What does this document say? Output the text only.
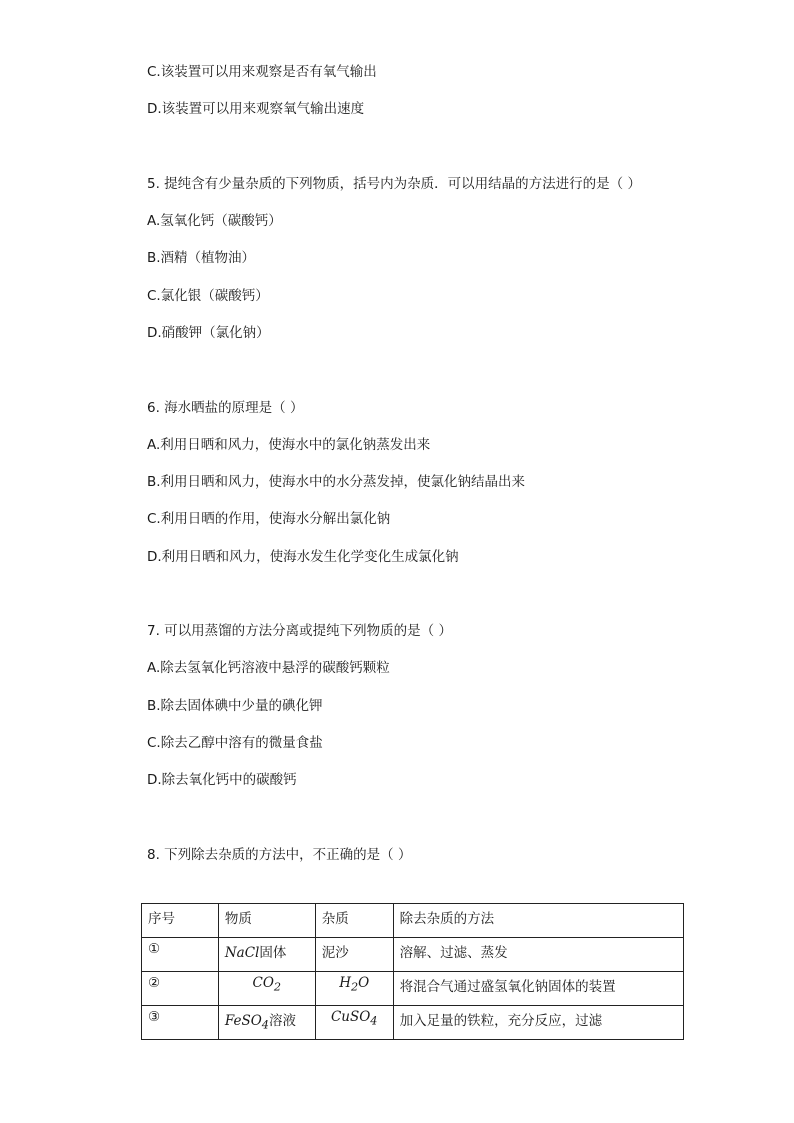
C.该装置可以用来观察是否有氧气输出
D.该装置可以用来观察氧气输出速度
5. 提纯含有少量杂质的下列物质，括号内为杂质．可以用结晶的方法进行的是（ ）
A.氢氧化钙（碳酸钙）
B.酒精（植物油）
C.氯化银（碳酸钙）
D.硝酸钾（氯化钠）
6. 海水晒盐的原理是（ ）
A.利用日晒和风力，使海水中的氯化钠蒸发出来
B.利用日晒和风力，使海水中的水分蒸发掉，使氯化钠结晶出来
C.利用日晒的作用，使海水分解出氯化钠
D.利用日晒和风力，使海水发生化学变化生成氯化钠
7. 可以用蒸馏的方法分离或提纯下列物质的是（ ）
A.除去氢氧化钙溶液中悬浮的碳酸钙颗粒
B.除去固体碘中少量的碘化钾
C.除去乙醇中溶有的微量食盐
D.除去氧化钙中的碳酸钙
8. 下列除去杂质的方法中，不正确的是（ ）
序号	物质	杂质	除去杂质的方法
①	NaCl固体	泥沙	溶解、过滤、蒸发
②	$CO_2$	$H_2O$	将混合气通过盛氢氧化钠固体的装置
③	FeSO$_4$溶液	CuSO$_4$	加入足量的铁粒，充分反应，过滤
